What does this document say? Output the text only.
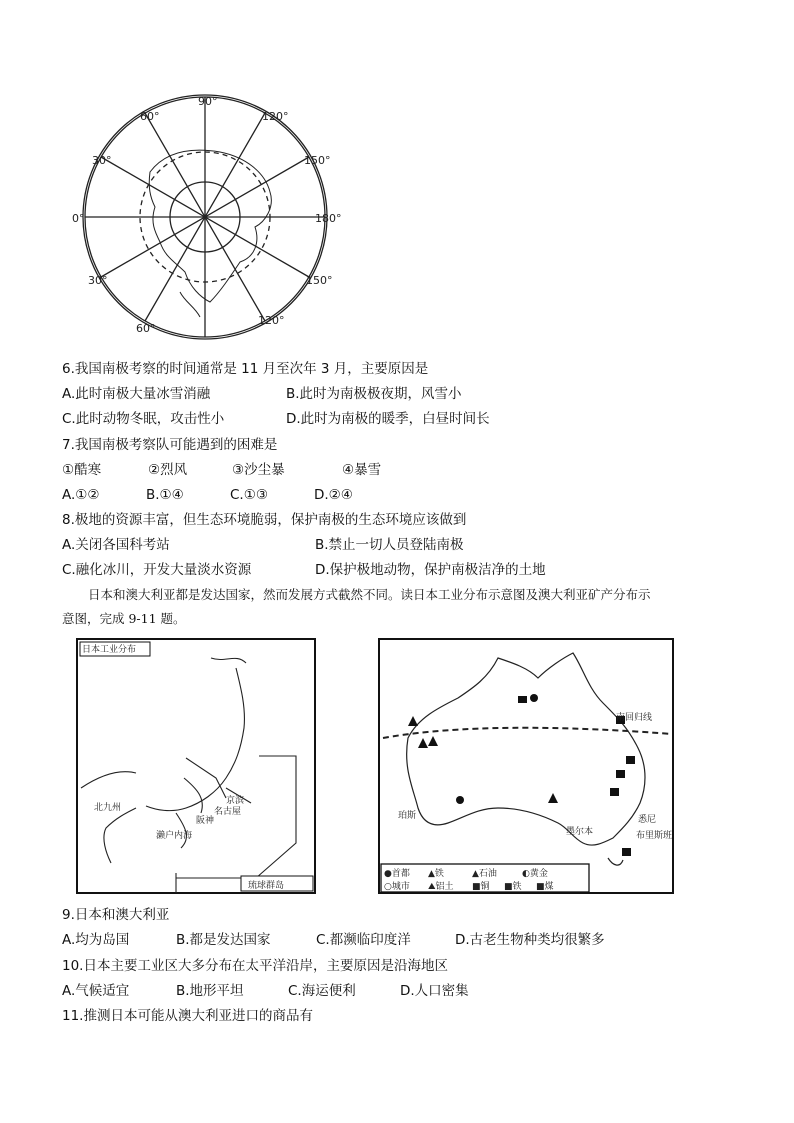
90°
120°
150°
180°
150°
120°
60°
30°
0°
30°
60°
6.我国南极考察的时间通常是 11 月至次年 3 月，主要原因是
A.此时南极大量冰雪消融	B.此时为南极极夜期，风雪小
C.此时动物冬眠，攻击性小	D.此时为南极的暖季，白昼时间长
7.我国南极考察队可能遇到的困难是
①酷寒	②烈风	③沙尘暴	④暴雪
A.①②	B.①④	C.①③	D.②④
8.极地的资源丰富，但生态环境脆弱，保护南极的生态环境应该做到
A.关闭各国科考站	B.禁止一切人员登陆南极
C.融化冰川，开发大量淡水资源	D.保护极地动物，保护南极洁净的土地
日本和澳大利亚都是发达国家，然而发展方式截然不同。读日本工业分布示意图及澳大利亚矿产分布示
意图，完成 9-11 题。
日本工业分布
京滨
阪神
名古屋
濑户内海
北九州
琉球群岛
南回归线
珀斯	悉尼
墨尔本	布里斯班
●首都 ▲铁	▲石油	◐黄金
○城市 ⛰铝土 ■铜 ■铁 ■煤
9.日本和澳大利亚
A.均为岛国	B.都是发达国家	C.都濒临印度洋	D.古老生物种类均很繁多
10.日本主要工业区大多分布在太平洋沿岸，主要原因是沿海地区
A.气候适宜	B.地形平坦	C.海运便利	D.人口密集
11.推测日本可能从澳大利亚进口的商品有
